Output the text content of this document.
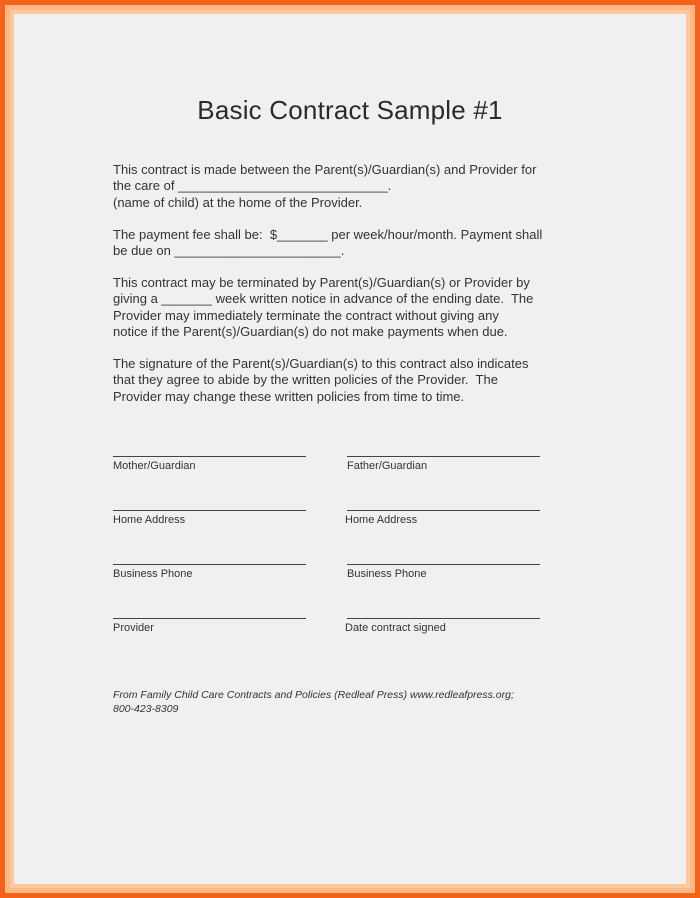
Basic Contract Sample #1

This contract is made between the Parent(s)/Guardian(s) and Provider for
the care of _____________________________.
(name of child) at the home of the Provider.

The payment fee shall be:  $_______ per week/hour/month. Payment shall
be due on _______________________.

This contract may be terminated by Parent(s)/Guardian(s) or Provider by
giving a _______ week written notice in advance of the ending date.  The
Provider may immediately terminate the contract without giving any
notice if the Parent(s)/Guardian(s) do not make payments when due.

The signature of the Parent(s)/Guardian(s) to this contract also indicates
that they agree to abide by the written policies of the Provider.  The
Provider may change these written policies from time to time.

Mother/Guardian
Home Address
Business Phone
Provider
Father/Guardian
Home Address
Business Phone
Date contract signed
From Family Child Care Contracts and Policies (Redleaf Press) www.redleafpress.org;
800-423-8309
